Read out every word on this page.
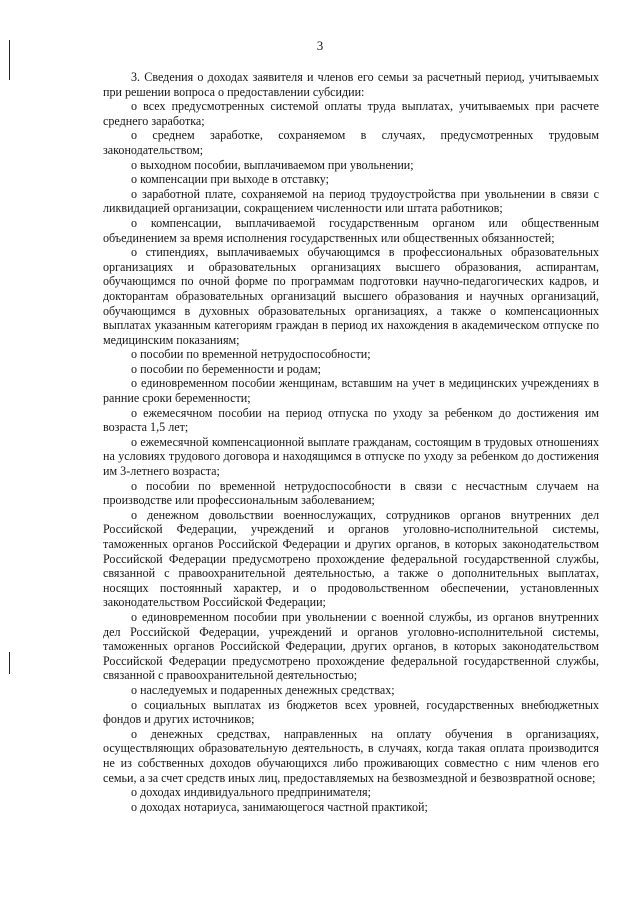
3

3. Сведения о доходах заявителя и членов его семьи за расчетный период, учитываемых при решении вопроса о предоставлении субсидии:

о всех предусмотренных системой оплаты труда выплатах, учитываемых при расчете среднего заработка;

о среднем заработке, сохраняемом в случаях, предусмотренных трудовым законодательством;

о выходном пособии, выплачиваемом при увольнении;

о компенсации при выходе в отставку;

о заработной плате, сохраняемой на период трудоустройства при увольнении в связи с ликвидацией организации, сокращением численности или штата работников;

о компенсации, выплачиваемой государственным органом или общественным объединением за время исполнения государственных или общественных обязанностей;

о стипендиях, выплачиваемых обучающимся в профессиональных образовательных организациях и образовательных организациях высшего образования, аспирантам, обучающимся по очной форме по программам подготовки научно-педагогических кадров, и докторантам образовательных организаций высшего образования и научных организаций, обучающимся в духовных образовательных организациях, а также о компенсационных выплатах указанным категориям граждан в период их нахождения в академическом отпуске по медицинским показаниям;

о пособии по временной нетрудоспособности;

о пособии по беременности и родам;

о единовременном пособии женщинам, вставшим на учет в медицинских учреждениях в ранние сроки беременности;

о ежемесячном пособии на период отпуска по уходу за ребенком до достижения им возраста 1,5 лет;

о ежемесячной компенсационной выплате гражданам, состоящим в трудовых отношениях на условиях трудового договора и находящимся в отпуске по уходу за ребенком до достижения им 3-летнего возраста;

о пособии по временной нетрудоспособности в связи с несчастным случаем на производстве или профессиональным заболеванием;

о денежном довольствии военнослужащих, сотрудников органов внутренних дел Российской Федерации, учреждений и органов уголовно-исполнительной системы, таможенных органов Российской Федерации и других органов, в которых законодательством Российской Федерации предусмотрено прохождение федеральной государственной службы, связанной с правоохранительной деятельностью, а также о дополнительных выплатах, носящих постоянный характер, и о продовольственном обеспечении, установленных законодательством Российской Федерации;

о единовременном пособии при увольнении с военной службы, из органов внутренних дел Российской Федерации, учреждений и органов уголовно-исполнительной системы, таможенных органов Российской Федерации, других органов, в которых законодательством Российской Федерации предусмотрено прохождение федеральной государственной службы, связанной с правоохранительной деятельностью;

о наследуемых и подаренных денежных средствах;

о социальных выплатах из бюджетов всех уровней, государственных внебюджетных фондов и других источников;

о денежных средствах, направленных на оплату обучения в организациях, осуществляющих образовательную деятельность, в случаях, когда такая оплата производится не из собственных доходов обучающихся либо проживающих совместно с ним членов его семьи, а за счет средств иных лиц, предоставляемых на безвозмездной и безвозвратной основе;

о доходах индивидуального предпринимателя;

о доходах нотариуса, занимающегося частной практикой;
